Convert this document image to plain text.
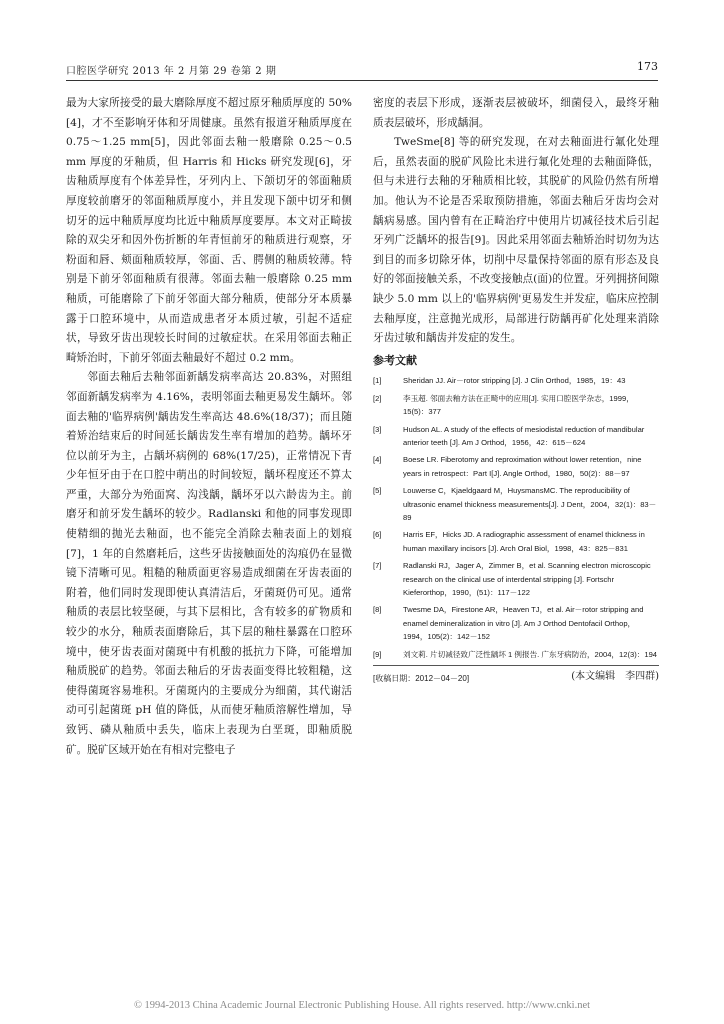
口腔医学研究 2013 年 2 月第 29 卷第 2 期	173

最为大家所接受的最大磨除厚度不超过原牙釉质厚度的 50%[4]，才不至影响牙体和牙周健康。虽然有报道牙釉质厚度在 0.75～1.25 mm[5]，因此邻面去釉一般磨除 0.25～0.5 mm 厚度的牙釉质，但 Harris 和 Hicks 研究发现[6]，牙齿釉质厚度有个体差异性，牙列内上、下颌切牙的邻面釉质厚度较前磨牙的邻面釉质厚度小，并且发现下颌中切牙和侧切牙的远中釉质厚度均比近中釉质厚度要厚。本文对正畸拔除的双尖牙和因外伤折断的年青恒前牙的釉质进行观察，牙粉面和唇、颊面釉质较厚，邻面、舌、腭侧的釉质较薄。特别是下前牙邻面釉质有很薄。邻面去釉一般磨除 0.25 mm 釉质，可能磨除了下前牙邻面大部分釉质，使部分牙本质暴露于口腔环境中，从而造成患者牙本质过敏，引起不适症状，导致牙齿出现较长时间的过敏症状。在采用邻面去釉正畸矫治时，下前牙邻面去釉最好不超过 0.2 mm。

邻面去釉后去釉邻面新龋发病率高达 20.83%，对照组邻面新龋发病率为 4.16%，表明邻面去釉更易发生龋坏。邻面去釉的'临界病例'龋齿发生率高达 48.6%(18/37)；而且随着矫治结束后的时间延长龋齿发生率有增加的趋势。龋坏牙位以前牙为主，占龋坏病例的 68%(17/25)，正常情况下青少年恒牙由于在口腔中萌出的时间较短，龋坏程度还不算太严重，大部分为殆面窝、沟浅龋，龋坏牙以六龄齿为主。前磨牙和前牙发生龋坏的较少。Radlanski 和他的同事发现即使精细的抛光去釉面，也不能完全消除去釉表面上的划痕[7]，1 年的自然磨耗后，这些牙齿接触面处的沟痕仍在显微镜下清晰可见。粗糙的釉质面更容易造成细菌在牙齿表面的附着，他们同时发现即使认真清洁后，牙菌斑仍可见。通常釉质的表层比较坚硬，与其下层相比，含有较多的矿物质和较少的水分，釉质表面磨除后，其下层的釉柱暴露在口腔环境中，使牙齿表面对菌斑中有机酸的抵抗力下降，可能增加釉质脱矿的趋势。邻面去釉后的牙齿表面变得比较粗糙，这使得菌斑容易堆积。牙菌斑内的主要成分为细菌，其代谢活动可引起菌斑 pH 值的降低，从而使牙釉质溶解性增加，导致钙、磷从釉质中丢失，临床上表现为白垩斑，即釉质脱矿。脱矿区域开始在有相对完整电子

密度的表层下形成，逐渐表层被破坏，细菌侵入，最终牙釉质表层破坏，形成龋洞。

TweSme[8] 等的研究发现，在对去釉面进行氟化处理后，虽然表面的脱矿风险比未进行氟化处理的去釉面降低，但与未进行去釉的牙釉质相比较，其脱矿的风险仍然有所增加。他认为不论是否采取预防措施，邻面去釉后牙齿均会对龋病易感。国内曾有在正畸治疗中使用片切减径技术后引起牙列广泛龋坏的报告[9]。因此采用邻面去釉矫治时切勿为达到目的而多切除牙体，切削中尽量保持邻面的原有形态及良好的邻面接触关系，不改变接触点(面)的位置。牙列拥挤间隙缺少 5.0 mm 以上的'临界病例'更易发生并发症，临床应控制去釉厚度，注意抛光成形，局部进行防龋再矿化处理来消除牙齿过敏和龋齿并发症的发生。

参考文献
[1]	Sheridan JJ. Air－rotor stripping [J]. J Clin Orthod，1985，19：43
[2]	李玉超. 邻面去釉方法在正畸中的应用[J]. 实用口腔医学杂志，1999，15(5)：377
[3]	Hudson AL. A study of the effects of mesiodistal reduction of mandibular anterior teeth [J]. Am J Orthod，1956，42：615－624
[4]	Boese LR. Fiberotomy and reproximation without lower retention，nine years in retrospect：Part I[J]. Angle Orthod，1980，50(2)：88－97
[5]	Louwerse C，Kjaeldgaard M，HuysmansMC. The reproducibility of ultrasonic enamel thickness measurements[J]. J Dent，2004，32(1)：83－89
[6]	Harris EF，Hicks JD. A radiographic assessment of enamel thickness in human maxillary incisors [J]. Arch Oral Biol，1998，43：825－831
[7]	Radlanski RJ，Jager A，Zimmer B，et al. Scanning electron microscopic research on the clinical use of interdental stripping [J]. Fortschr Kieferorthop，1990，(51)：117－122
[8]	Twesme DA，Firestone AR，Heaven TJ，et al. Air－rotor stripping and enamel demineralization in vitro [J]. Am J Orthod Dentofacil Orthop，1994，105(2)：142－152
[9]	刘文莉. 片切减径致广泛性龋坏 1 例报告. 广东牙病防治，2004，12(3)：194
[收稿日期：2012－04－20]	(本文编辑　李四群)
© 1994-2013 China Academic Journal Electronic Publishing House. All rights reserved. http://www.cnki.net
